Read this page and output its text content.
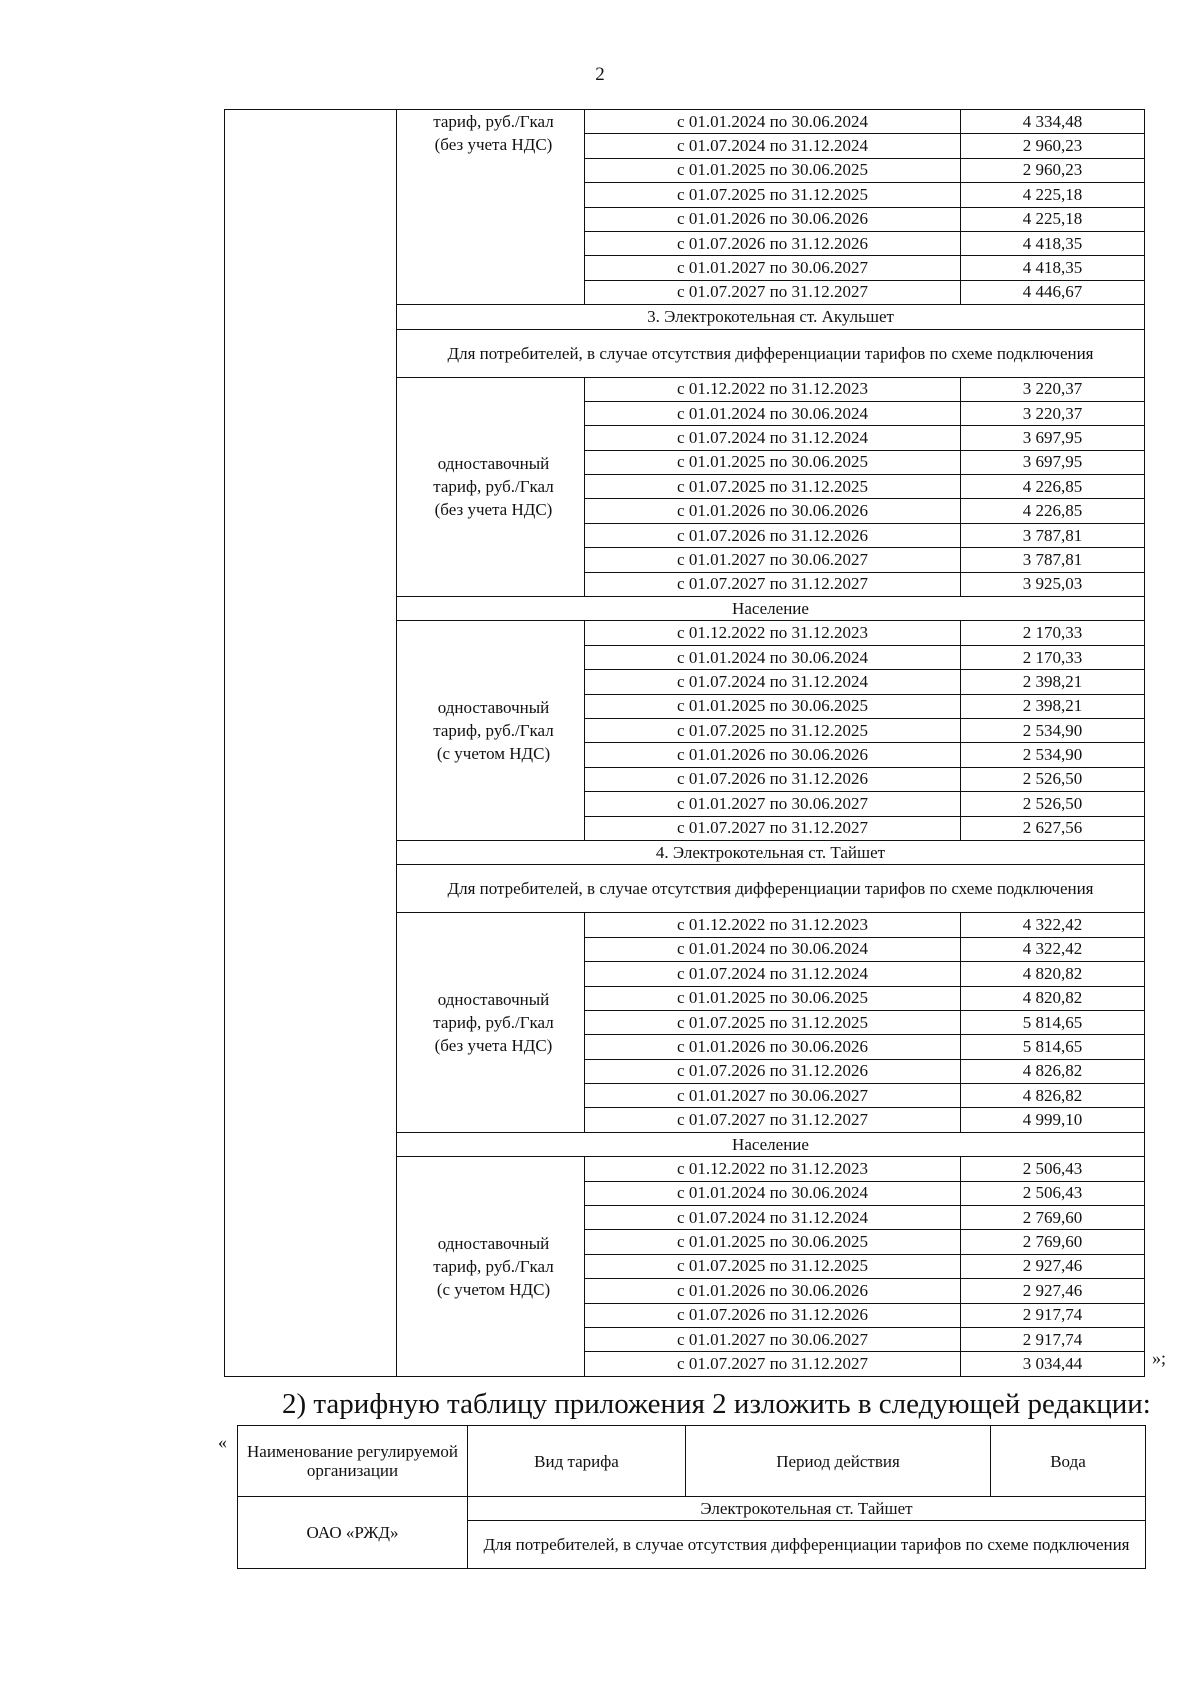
2
	тариф, руб./Гкал
(без учета НДС)	с 01.01.2024 по 30.06.2024	4 334,48
		с 01.07.2024 по 31.12.2024	2 960,23
		с 01.01.2025 по 30.06.2025	2 960,23
		с 01.07.2025 по 31.12.2025	4 225,18
		с 01.01.2026 по 30.06.2026	4 225,18
		с 01.07.2026 по 31.12.2026	4 418,35
		с 01.01.2027 по 30.06.2027	4 418,35
		с 01.07.2027 по 31.12.2027	4 446,67
	3. Электрокотельная ст. Акульшет		
	Для потребителей, в случае отсутствия дифференциации тарифов по схеме подключения		
	одноставочный
тариф, руб./Гкал
(без учета НДС)	с 01.12.2022 по 31.12.2023	3 220,37
		с 01.01.2024 по 30.06.2024	3 220,37
		с 01.07.2024 по 31.12.2024	3 697,95
		с 01.01.2025 по 30.06.2025	3 697,95
		с 01.07.2025 по 31.12.2025	4 226,85
		с 01.01.2026 по 30.06.2026	4 226,85
		с 01.07.2026 по 31.12.2026	3 787,81
		с 01.01.2027 по 30.06.2027	3 787,81
		с 01.07.2027 по 31.12.2027	3 925,03
	Население		
	одноставочный
тариф, руб./Гкал
(с учетом НДС)	с 01.12.2022 по 31.12.2023	2 170,33
		с 01.01.2024 по 30.06.2024	2 170,33
		с 01.07.2024 по 31.12.2024	2 398,21
		с 01.01.2025 по 30.06.2025	2 398,21
		с 01.07.2025 по 31.12.2025	2 534,90
		с 01.01.2026 по 30.06.2026	2 534,90
		с 01.07.2026 по 31.12.2026	2 526,50
		с 01.01.2027 по 30.06.2027	2 526,50
		с 01.07.2027 по 31.12.2027	2 627,56
	4. Электрокотельная ст. Тайшет		
	Для потребителей, в случае отсутствия дифференциации тарифов по схеме подключения		
	одноставочный
тариф, руб./Гкал
(без учета НДС)	с 01.12.2022 по 31.12.2023	4 322,42
		с 01.01.2024 по 30.06.2024	4 322,42
		с 01.07.2024 по 31.12.2024	4 820,82
		с 01.01.2025 по 30.06.2025	4 820,82
		с 01.07.2025 по 31.12.2025	5 814,65
		с 01.01.2026 по 30.06.2026	5 814,65
		с 01.07.2026 по 31.12.2026	4 826,82
		с 01.01.2027 по 30.06.2027	4 826,82
		с 01.07.2027 по 31.12.2027	4 999,10
	Население		
	одноставочный
тариф, руб./Гкал
(с учетом НДС)	с 01.12.2022 по 31.12.2023	2 506,43
		с 01.01.2024 по 30.06.2024	2 506,43
		с 01.07.2024 по 31.12.2024	2 769,60
		с 01.01.2025 по 30.06.2025	2 769,60
		с 01.07.2025 по 31.12.2025	2 927,46
		с 01.01.2026 по 30.06.2026	2 927,46
		с 01.07.2026 по 31.12.2026	2 917,74
		с 01.01.2027 по 30.06.2027	2 917,74
		с 01.07.2027 по 31.12.2027	3 034,44	»;
2) тарифную таблицу приложения 2 изложить в следующей редакции:
« Наименование регулируемой организации	Вид тарифа	Период действия	Вода
ОАО «РЖД»	Электрокотельная ст. Тайшет		
	Для потребителей, в случае отсутствия дифференциации тарифов по схеме подключения		
